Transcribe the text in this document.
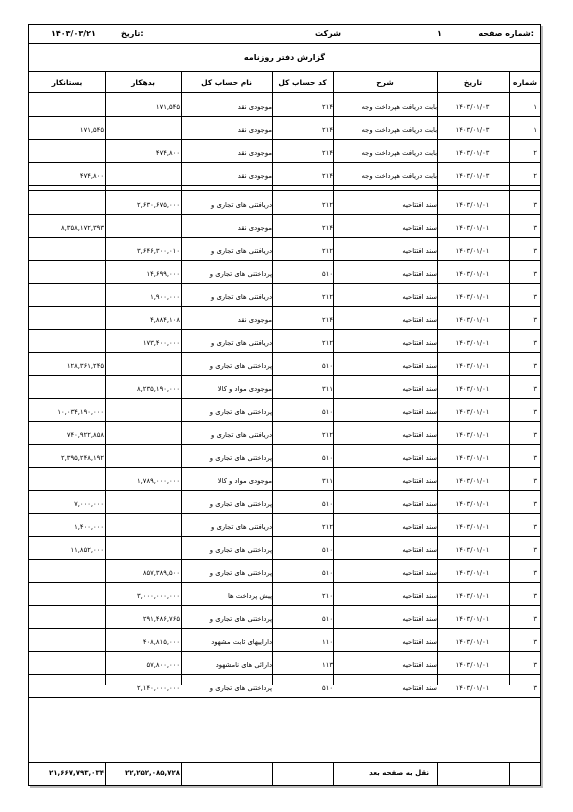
شماره صفحه:
۱
شرکت
تاریخ:
۱۴۰۳/۰۳/۲۱
گزارش دفتر روزنامه
شماره
تاریخ
شرح
کد حساب کل
نام حساب کل
بدهکار
بستانکار
۱
۱۴۰۳/۰۱/۰۳
بابت دریافت هپرداخت وجه
۲۱۴
موجودی نقد
۱۷۱,۵۴۵
۱
۱۴۰۳/۰۱/۰۳
بابت دریافت هپرداخت وجه
۲۱۴
موجودی نقد
۱۷۱,۵۴۵
۲
۱۴۰۳/۰۱/۰۳
بابت دریافت هپرداخت وجه
۲۱۴
موجودی نقد
۴۷۴,۸۰۰
۲
۱۴۰۳/۰۱/۰۳
بابت دریافت هپرداخت وجه
۲۱۴
موجودی نقد
۴۷۴,۸۰۰
۳
۱۴۰۳/۰۱/۰۱
سند افتتاحیه
۲۱۲
دریافتنی های تجاری و
۲,۶۳۰,۶۷۵,۰۰۰
۳
۱۴۰۳/۰۱/۰۱
سند افتتاحیه
۲۱۴
موجودی نقد
۸,۳۵۸,۱۷۲,۳۹۳
۳
۱۴۰۳/۰۱/۰۱
سند افتتاحیه
۲۱۲
دریافتنی های تجاری و
۳,۶۴۶,۳۰۰,۰۱۰
۳
۱۴۰۳/۰۱/۰۱
سند افتتاحیه
۵۱۰
پرداختنی های تجاری و
۱۴,۶۹۹,۰۰۰
۳
۱۴۰۳/۰۱/۰۱
سند افتتاحیه
۲۱۲
دریافتنی های تجاری و
۱,۹۰۰,۰۰۰
۳
۱۴۰۳/۰۱/۰۱
سند افتتاحیه
۲۱۴
موجودی نقد
۴,۸۸۴,۱۰۸
۳
۱۴۰۳/۰۱/۰۱
سند افتتاحیه
۲۱۲
دریافتنی های تجاری و
۱۷۳,۴۰۰,۰۰۰
۳
۱۴۰۳/۰۱/۰۱
سند افتتاحیه
۵۱۰
پرداختنی های تجاری و
۱۲۸,۳۶۱,۲۴۵
۳
۱۴۰۳/۰۱/۰۱
سند افتتاحیه
۳۱۱
موجودی مواد و کالا
۸,۲۳۵,۱۹۰,۰۰۰
۳
۱۴۰۳/۰۱/۰۱
سند افتتاحیه
۵۱۰
پرداختنی های تجاری و
۱۰,۰۳۴,۱۹۰,۰۰۰
۳
۱۴۰۳/۰۱/۰۱
سند افتتاحیه
۲۱۲
دریافتنی های تجاری و
۷۴۰,۹۲۲,۸۵۸
۳
۱۴۰۳/۰۱/۰۱
سند افتتاحیه
۵۱۰
پرداختنی های تجاری و
۲,۳۹۵,۲۴۸,۱۹۲
۳
۱۴۰۳/۰۱/۰۱
سند افتتاحیه
۳۱۱
موجودی مواد و کالا
۱,۷۸۹,۰۰۰,۰۰۰
۳
۱۴۰۳/۰۱/۰۱
سند افتتاحیه
۵۱۰
پرداختنی های تجاری و
۷,۰۰۰,۰۰۰
۳
۱۴۰۳/۰۱/۰۱
سند افتتاحیه
۲۱۲
دریافتنی های تجاری و
۱,۴۰۰,۰۰۰
۳
۱۴۰۳/۰۱/۰۱
سند افتتاحیه
۵۱۰
پرداختنی های تجاری و
۱۱,۸۵۲,۰۰۰
۳
۱۴۰۳/۰۱/۰۱
سند افتتاحیه
۵۱۰
پرداختنی های تجاری و
۸۵۷,۳۸۹,۵۰۰
۳
۱۴۰۳/۰۱/۰۱
سند افتتاحیه
۲۱۰
پیش پرداخت ها
۳,۰۰۰,۰۰۰,۰۰۰
۳
۱۴۰۳/۰۱/۰۱
سند افتتاحیه
۵۱۰
پرداختنی های تجاری و
۲۹۱,۴۸۶,۷۶۵
۳
۱۴۰۳/۰۱/۰۱
سند افتتاحیه
۱۱۰
داراییهای ثابت مشهود
۴۰۸,۸۱۵,۰۰۰
۳
۱۴۰۳/۰۱/۰۱
سند افتتاحیه
۱۱۳
دارائی های نامشهود
۵۷,۸۰۰,۰۰۰
۳
۱۴۰۳/۰۱/۰۱
سند افتتاحیه
۵۱۰
پرداختنی های تجاری و
۲,۱۴۰,۰۰۰,۰۰۰
نقل به صفحه بعد
۲۲,۲۵۲,۰۸۵,۷۲۸
۲۱,۶۶۷,۷۹۳,۰۳۴
